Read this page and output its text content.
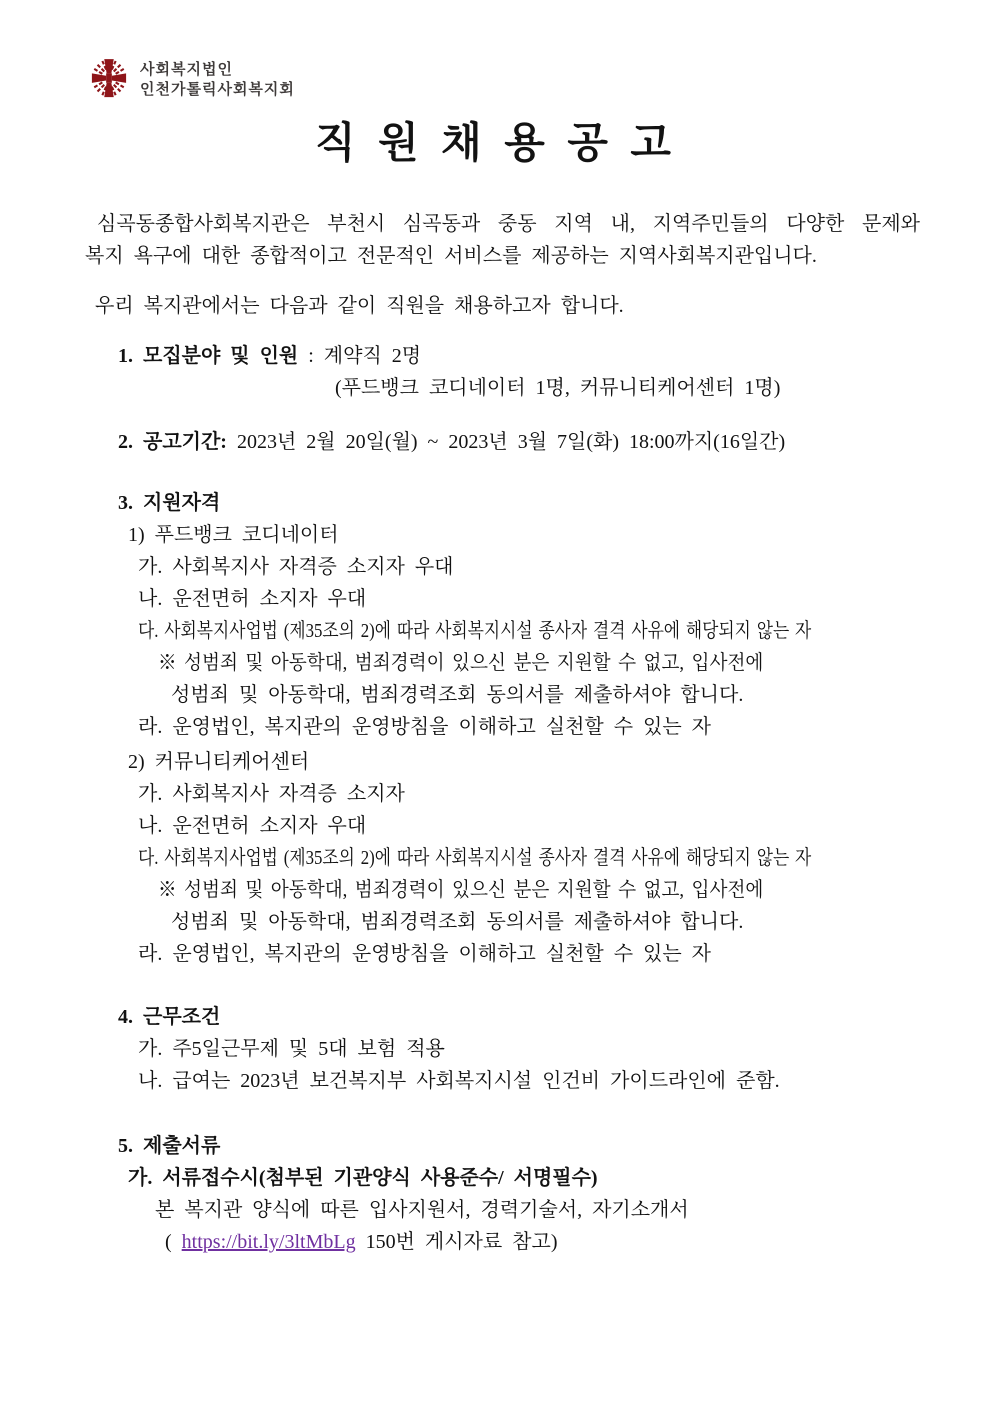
사회복지법인
인천가톨릭사회복지회
직 원 채 용 공 고
심곡동종합사회복지관은 부천시 심곡동과 중동 지역 내, 지역주민들의 다양한 문제와
복지 욕구에 대한 종합적이고 전문적인 서비스를 제공하는 지역사회복지관입니다.
우리 복지관에서는 다음과 같이 직원을 채용하고자 합니다.
1. 모집분야 및 인원 : 계약직 2명
(푸드뱅크 코디네이터 1명, 커뮤니티케어센터 1명)
2. 공고기간: 2023년 2월 20일(월) ~ 2023년 3월 7일(화) 18:00까지(16일간)
3. 지원자격
1) 푸드뱅크 코디네이터
가. 사회복지사 자격증 소지자 우대
나. 운전면허 소지자 우대
다. 사회복지사업법 (제35조의 2)에 따라 사회복지시설 종사자 결격 사유에 해당되지 않는 자
※ 성범죄 및 아동학대, 범죄경력이 있으신 분은 지원할 수 없고, 입사전에
성범죄 및 아동학대, 범죄경력조회 동의서를 제출하셔야 합니다.
라. 운영법인, 복지관의 운영방침을 이해하고 실천할 수 있는 자
2) 커뮤니티케어센터
가. 사회복지사 자격증 소지자
나. 운전면허 소지자 우대
다. 사회복지사업법 (제35조의 2)에 따라 사회복지시설 종사자 결격 사유에 해당되지 않는 자
※ 성범죄 및 아동학대, 범죄경력이 있으신 분은 지원할 수 없고, 입사전에
성범죄 및 아동학대, 범죄경력조회 동의서를 제출하셔야 합니다.
라. 운영법인, 복지관의 운영방침을 이해하고 실천할 수 있는 자
4. 근무조건
가. 주5일근무제 및 5대 보험 적용
나. 급여는 2023년 보건복지부 사회복지시설 인건비 가이드라인에 준함.
5. 제출서류
가. 서류접수시(첨부된 기관양식 사용준수/ 서명필수)
본 복지관 양식에 따른 입사지원서, 경력기술서, 자기소개서
( https://bit.ly/3ltMbLg 150번 게시자료 참고)
